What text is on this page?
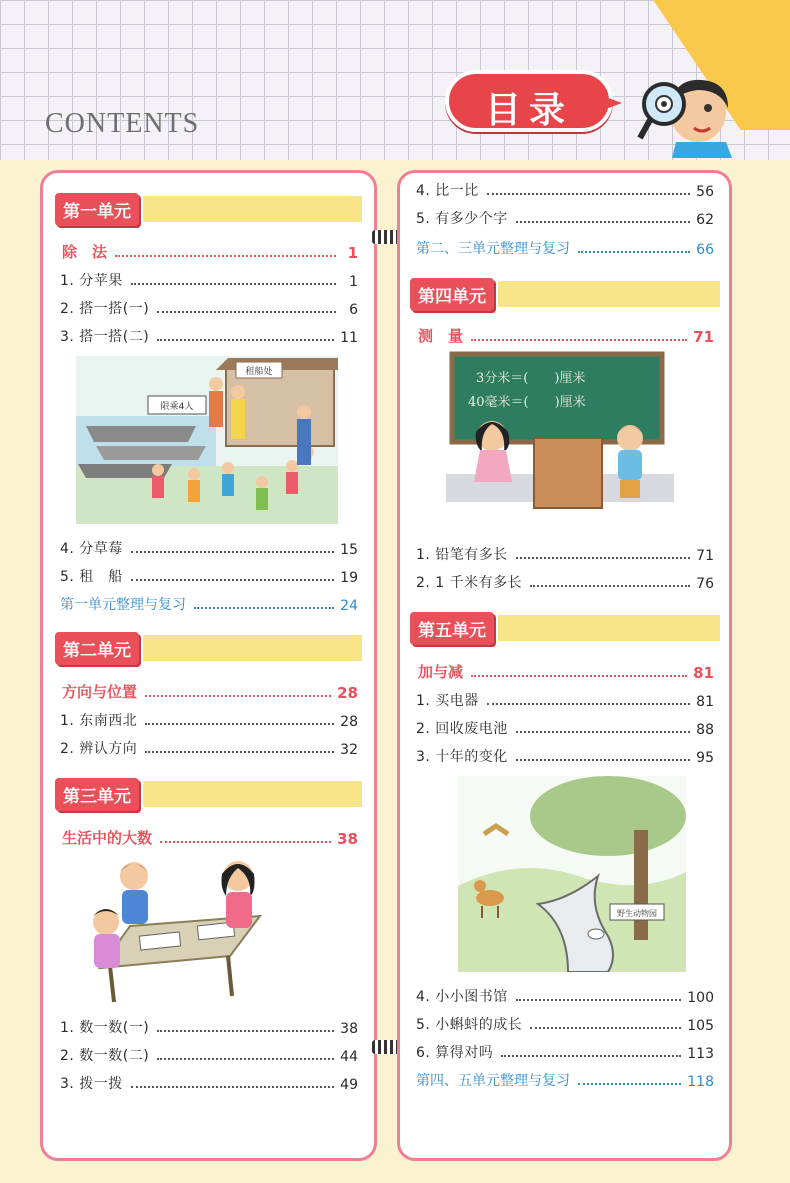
CONTENTS	目录
第一单元
除　法	1
1. 分苹果	1
2. 搭一搭(一)	6
3. 搭一搭(二)	11
租船处
限乘4人
4. 分草莓	15
5. 租　船	19
第一单元整理与复习	24
第二单元
方向与位置	28
1. 东南西北	28
2. 辨认方向	32
第三单元
生活中的大数	38
1. 数一数(一)	38
2. 数一数(二)	44
3. 拨一拨	49
4. 比一比	56
5. 有多少个字	62
第二、三单元整理与复习	66
第四单元
测　量	71
3分米＝(　　)厘米
40毫米＝(　　)厘米
1. 铅笔有多长	71
2. 1 千米有多长	76
第五单元
加与减	81
1. 买电器	81
2. 回收废电池	88
3. 十年的变化	95
野生动物园
4. 小小图书馆	100
5. 小蝌蚪的成长	105
6. 算得对吗	113
第四、五单元整理与复习	118
